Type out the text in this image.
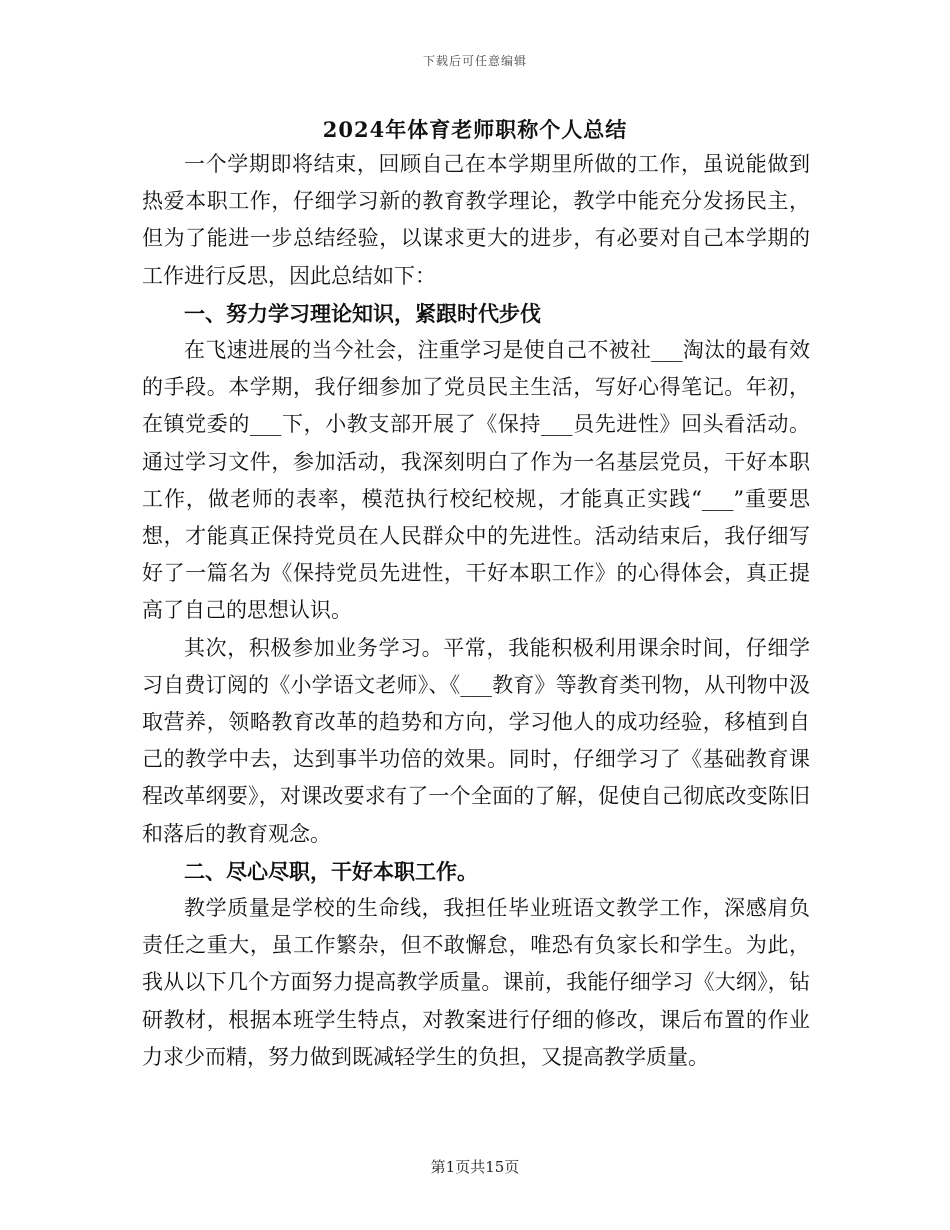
下载后可任意编辑
2024年体育老师职称个人总结

一个学期即将结束，回顾自己在本学期里所做的工作，虽说能做到热爱本职工作，仔细学习新的教育教学理论，教学中能充分发扬民主，但为了能进一步总结经验，以谋求更大的进步，有必要对自己本学期的工作进行反思，因此总结如下：

一、努力学习理论知识，紧跟时代步伐

在飞速进展的当今社会，注重学习是使自己不被社___淘汰的最有效的手段。本学期，我仔细参加了党员民主生活，写好心得笔记。年初，在镇党委的___下，小教支部开展了《保持___员先进性》回头看活动。通过学习文件，参加活动，我深刻明白了作为一名基层党员，干好本职工作，做老师的表率，模范执行校纪校规，才能真正实践“___”重要思想，才能真正保持党员在人民群众中的先进性。活动结束后，我仔细写好了一篇名为《保持党员先进性，干好本职工作》的心得体会，真正提高了自己的思想认识。

其次，积极参加业务学习。平常，我能积极利用课余时间，仔细学习自费订阅的《小学语文老师》、《___教育》等教育类刊物，从刊物中汲取营养，领略教育改革的趋势和方向，学习他人的成功经验，移植到自己的教学中去，达到事半功倍的效果。同时，仔细学习了《基础教育课程改革纲要》，对课改要求有了一个全面的了解，促使自己彻底改变陈旧和落后的教育观念。

二、尽心尽职，干好本职工作。

教学质量是学校的生命线，我担任毕业班语文教学工作，深感肩负责任之重大，虽工作繁杂，但不敢懈怠，唯恐有负家长和学生。为此，我从以下几个方面努力提高教学质量。课前，我能仔细学习《大纲》，钻研教材，根据本班学生特点，对教案进行仔细的修改，课后布置的作业力求少而精，努力做到既减轻学生的负担，又提高教学质量。

第1页共15页
